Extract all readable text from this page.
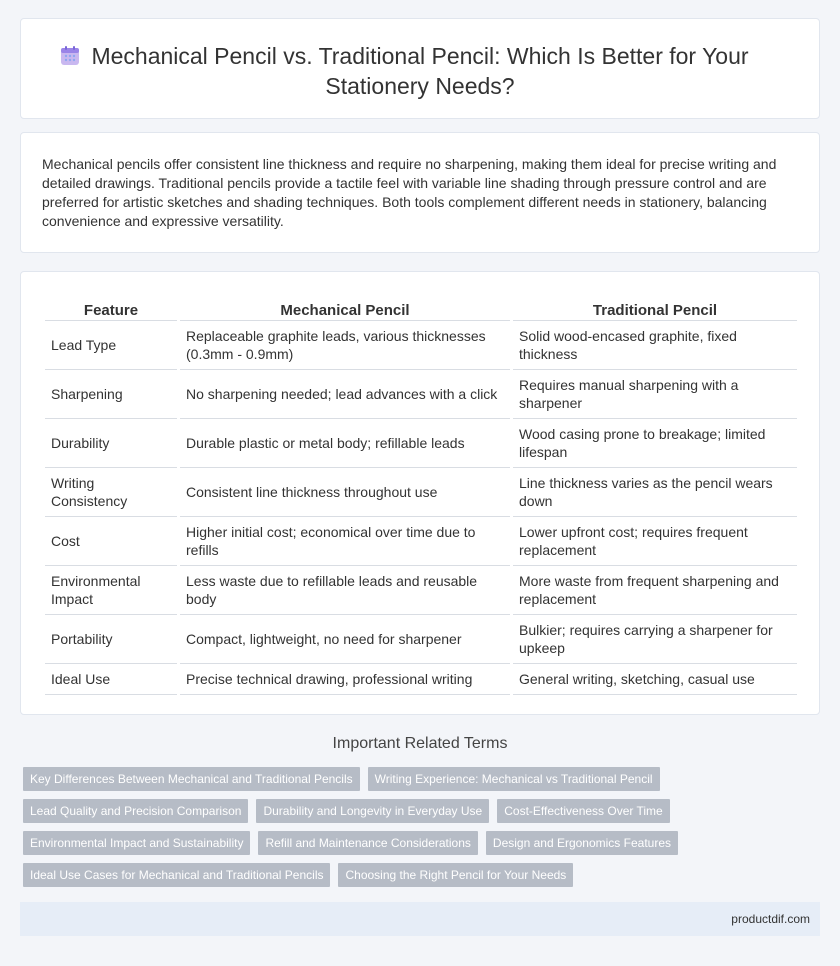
Mechanical Pencil vs. Traditional Pencil: Which Is Better for Your
Stationery Needs?

Mechanical pencils offer consistent line thickness and require no sharpening, making them ideal for precise writing and detailed drawings. Traditional pencils provide a tactile feel with variable line shading through pressure control and are preferred for artistic sketches and shading techniques. Both tools complement different needs in stationery, balancing convenience and expressive versatility.

Feature	Mechanical Pencil	Traditional Pencil
Lead Type	Replaceable graphite leads, various thicknesses (0.3mm - 0.9mm)	Solid wood-encased graphite, fixed thickness
Sharpening	No sharpening needed; lead advances with a click	Requires manual sharpening with a sharpener
Durability	Durable plastic or metal body; refillable leads	Wood casing prone to breakage; limited lifespan
Writing Consistency	Consistent line thickness throughout use	Line thickness varies as the pencil wears down
Cost	Higher initial cost; economical over time due to refills	Lower upfront cost; requires frequent replacement
Environmental Impact	Less waste due to refillable leads and reusable body	More waste from frequent sharpening and replacement
Portability	Compact, lightweight, no need for sharpener	Bulkier; requires carrying a sharpener for upkeep
Ideal Use	Precise technical drawing, professional writing	General writing, sketching, casual use
Important Related Terms
Key Differences Between Mechanical and Traditional Pencils	Writing Experience: Mechanical vs Traditional Pencil
Lead Quality and Precision Comparison	Durability and Longevity in Everyday Use	Cost-Effectiveness Over Time
Environmental Impact and Sustainability	Refill and Maintenance Considerations	Design and Ergonomics Features
Ideal Use Cases for Mechanical and Traditional Pencils	Choosing the Right Pencil for Your Needs
productdif.com
